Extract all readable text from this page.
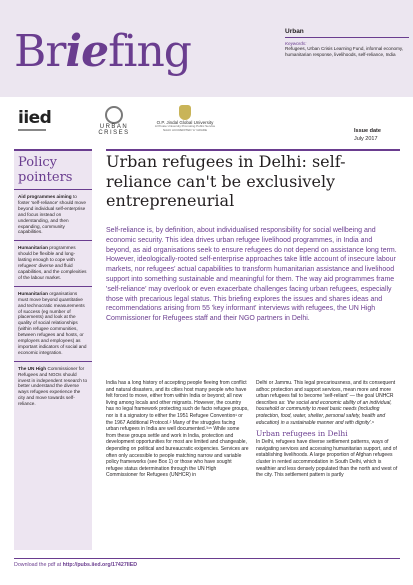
Briefing	Urban
Keywords:
Refugees, Urban Crisis Learning Fund, informal economy, humanitarian response, livelihoods, self-reliance, India
iied	URBAN CRISES
O.P. Jindal Global University
A Private University Promoting Public Service
NAAC ACCREDITED 'A' GRADE	Issue date
July 2017
Policy pointers
Aid programmes aiming to foster 'self-reliance' should move beyond individual self-enterprise and focus instead on understanding, and then expanding, community capabilities.
Humanitarian programmes should be flexible and long-lasting enough to cope with refugees' diverse and fluid capabilities, and the complexities of the labour market.
Humanitarian organisations must move beyond quantitative and technocratic measurements of success (eg number of placements) and look at the quality of social relationships (within refugee communities, between refugees and hosts, or employers and employees) as important indicators of social and economic integration.
The UN High Commissioner for Refugees and NGOs should invest in independent research to better understand the diverse ways refugees experience the city and move towards self-reliance.
Urban refugees in Delhi: self-reliance can't be exclusively entrepreneurial
Self-reliance is, by definition, about individualised responsibility for social wellbeing and economic security. This idea drives urban refugee livelihood programmes, in India and beyond, as aid organisations seek to ensure refugees do not depend on assistance long term. However, ideologically-rooted self-enterprise approaches take little account of insecure labour markets, nor refugees' actual capabilities to transform humanitarian assistance and livelihood support into something sustainable and meaningful for them. The way aid programmes frame 'self-reliance' may overlook or even exacerbate challenges facing urban refugees, especially those with precarious legal status. This briefing explores the issues and shares ideas and recommendations arising from 55 'key informant' interviews with refugees, the UN High Commissioner for Refugees staff and their NGO partners in Delhi.

India has a long history of accepting people fleeing from conflict and natural disasters, and its cities host many people who have felt forced to move, either from within India or beyond; all now living among locals and other migrants. However, the country has no legal framework protecting such de facto refugee groups, nor is it a signatory to either the 1951 Refugee Convention¹ or the 1967 Additional Protocol.² Many of the struggles facing urban refugees in India are well documented.³⁴⁵ While some from these groups settle and work in India, protection and development opportunities for most are limited and changeable, depending on political and bureaucratic exigencies. Services are often only accessible to people matching narrow and variable policy frameworks (see Box 1) or those who have sought refugee status determination through the UN High Commissioner for Refugees (UNHCR) in

Delhi or Jammu. This legal precariousness, and its consequent adhoc protection and support services, mean more and more urban refugees fail to become 'self-reliant' — the goal UNHCR describes as: 'the social and economic ability of an individual, household or community to meet basic needs (including protection, food, water, shelter, personal safety, health and education) in a sustainable manner and with dignity'.⁶

Urban refugees in Delhi

In Delhi, refugees have diverse settlement patterns, ways of navigating services and accessing humanitarian support, and of establishing livelihoods. A large proportion of Afghan refugees cluster in rented accommodation in South Delhi, which is wealthier and less densely populated than the north and west of the city. This settlement pattern is partly

Download the pdf at http://pubs.iied.org/17427IIED
